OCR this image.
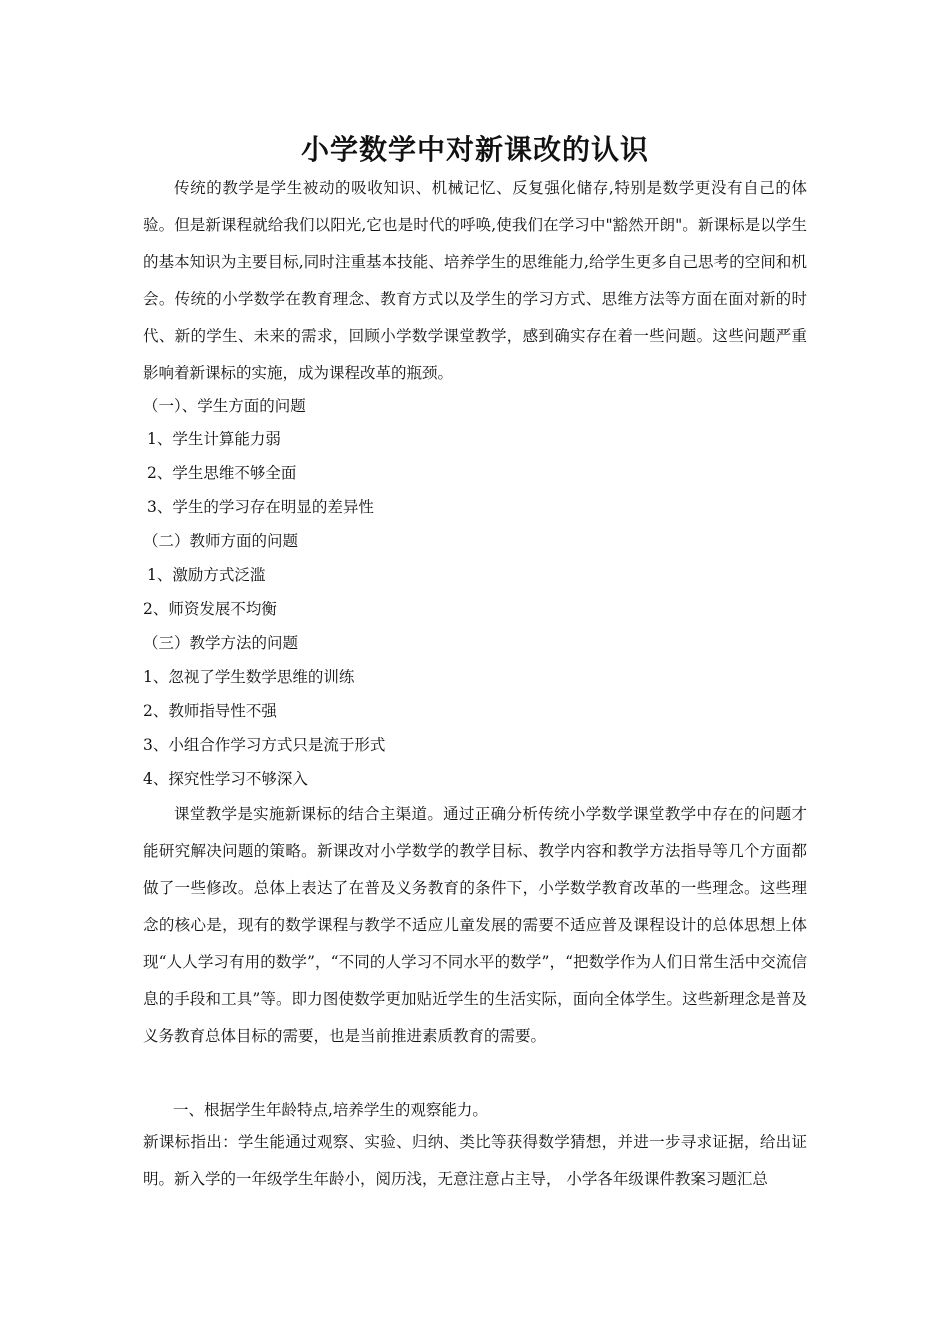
小学数学中对新课改的认识

传统的教学是学生被动的吸收知识、机械记忆、反复强化储存,特别是数学更没有自己的体验。但是新课程就给我们以阳光,它也是时代的呼唤,使我们在学习中"豁然开朗"。新课标是以学生的基本知识为主要目标,同时注重基本技能、培养学生的思维能力,给学生更多自己思考的空间和机会。传统的小学数学在教育理念、教育方式以及学生的学习方式、思维方法等方面在面对新的时代、新的学生、未来的需求，回顾小学数学课堂教学，感到确实存在着一些问题。这些问题严重影响着新课标的实施，成为课程改革的瓶颈。

（一）、学生方面的问题

1、学生计算能力弱

2、学生思维不够全面

3、学生的学习存在明显的差异性

（二）教师方面的问题

1、激励方式泛滥

2、师资发展不均衡

（三）教学方法的问题

1、忽视了学生数学思维的训练

2、教师指导性不强

3、小组合作学习方式只是流于形式

4、探究性学习不够深入

课堂教学是实施新课标的结合主渠道。通过正确分析传统小学数学课堂教学中存在的问题才能研究解决问题的策略。新课改对小学数学的教学目标、教学内容和教学方法指导等几个方面都做了一些修改。总体上表达了在普及义务教育的条件下，小学数学教育改革的一些理念。这些理念的核心是，现有的数学课程与教学不适应儿童发展的需要不适应普及课程设计的总体思想上体现“人人学习有用的数学”，“不同的人学习不同水平的数学”，“把数学作为人们日常生活中交流信息的手段和工具”等。即力图使数学更加贴近学生的生活实际，面向全体学生。这些新理念是普及义务教育总体目标的需要，也是当前推进素质教育的需要。

一、根据学生年龄特点,培养学生的观察能力。

新课标指出：学生能通过观察、实验、归纳、类比等获得数学猜想，并进一步寻求证据，给出证明。新入学的一年级学生年龄小，阅历浅，无意注意占主导， 小学各年级课件教案习题汇总
